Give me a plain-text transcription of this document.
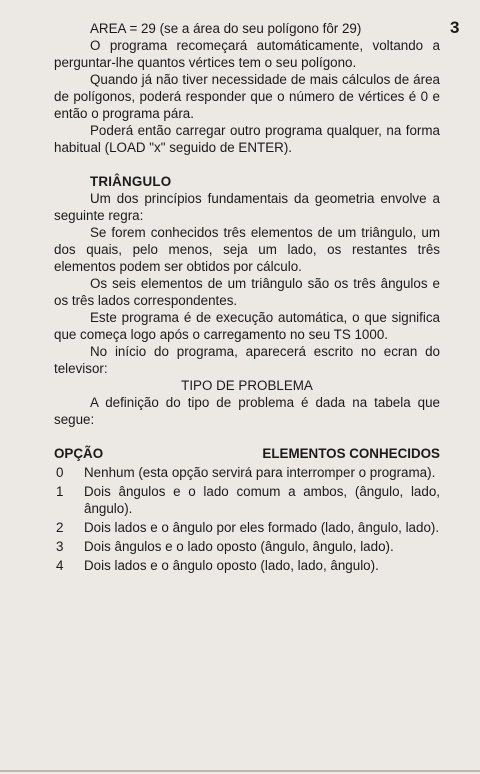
3

AREA = 29 (se a área do seu polígono fôr 29)

O programa recomeçará automáticamente, voltando a perguntar-lhe quantos vértices tem o seu polígono.

Quando já não tiver necessidade de mais cálculos de área de polígonos, poderá responder que o número de vértices é 0 e então o programa pára.

Poderá então carregar outro programa qualquer, na forma habitual (LOAD "x" seguido de ENTER).

TRIÂNGULO

Um dos princípios fundamentais da geometria envolve a seguinte regra:

Se forem conhecidos três elementos de um triângulo, um dos quais, pelo menos, seja um lado, os restantes três elementos podem ser obtidos por cálculo.

Os seis elementos de um triângulo são os três ângulos e os três lados correspondentes.

Este programa é de execução automática, o que significa que começa logo após o carregamento no seu TS 1000.

No início do programa, aparecerá escrito no ecran do televisor:

TIPO DE PROBLEMA

A definição do tipo de problema é dada na tabela que segue:

OPÇÃO	ELEMENTOS CONHECIDOS
0	Nenhum (esta opção servirá para interromper o programa).
1	Dois ângulos e o lado comum a ambos, (ângulo, lado, ângulo).
2	Dois lados e o ângulo por eles formado (lado, ângulo, lado).
3	Dois ângulos e o lado oposto (ângulo, ângulo, lado).
4	Dois lados e o ângulo oposto (lado, lado, ângulo).
